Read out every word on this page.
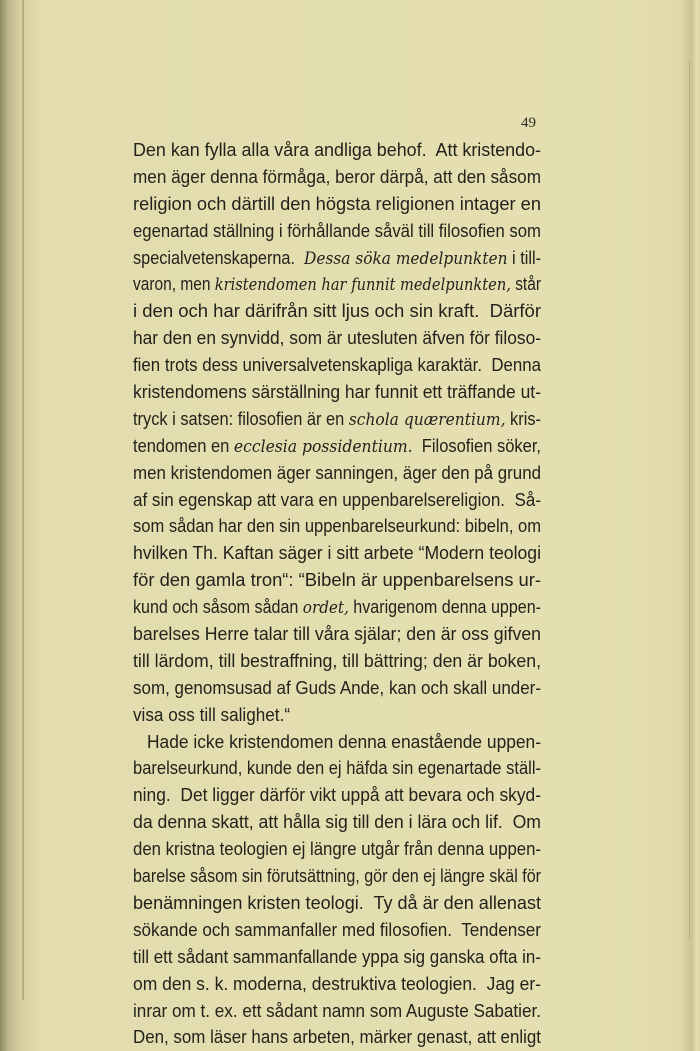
49
Den kan fylla alla våra andliga behof.  Att kristendo-
men äger denna förmåga, beror därpå, att den såsom
religion och därtill den högsta religionen intager en
egenartad ställning i förhållande såväl till filosofien som
specialvetenskaperna.  Dessa söka medelpunkten i till-
varon, men kristendomen har funnit medelpunkten, står
i den och har därifrån sitt ljus och sin kraft.  Därför
har den en synvidd, som är utesluten äfven för filoso-
fien trots dess universalvetenskapliga karaktär.  Denna
kristendomens särställning har funnit ett träffande ut-
tryck i satsen: filosofien är en schola quærentium, kris-
tendomen en ecclesia possidentium.  Filosofien söker,
men kristendomen äger sanningen, äger den på grund
af sin egenskap att vara en uppenbarelsereligion.  Så-
som sådan har den sin uppenbarelseurkund: bibeln, om
hvilken Th. Kaftan säger i sitt arbete “Modern teologi
för den gamla tron“: “Bibeln är uppenbarelsens ur-
kund och såsom sådan ordet, hvarigenom denna uppen-
barelses Herre talar till våra själar; den är oss gifven
till lärdom, till bestraffning, till bättring; den är boken,
som, genomsusad af Guds Ande, kan och skall under-
visa oss till salighet.“
Hade icke kristendomen denna enastående uppen-
barelseurkund, kunde den ej häfda sin egenartade ställ-
ning.  Det ligger därför vikt uppå att bevara och skyd-
da denna skatt, att hålla sig till den i lära och lif.  Om
den kristna teologien ej längre utgår från denna uppen-
barelse såsom sin förutsättning, gör den ej längre skäl för
benämningen kristen teologi.  Ty då är den allenast
sökande och sammanfaller med filosofien.  Tendenser
till ett sådant sammanfallande yppa sig ganska ofta in-
om den s. k. moderna, destruktiva teologien.  Jag er-
inrar om t. ex. ett sådant namn som Auguste Sabatier.
Den, som läser hans arbeten, märker genast, att enligt
